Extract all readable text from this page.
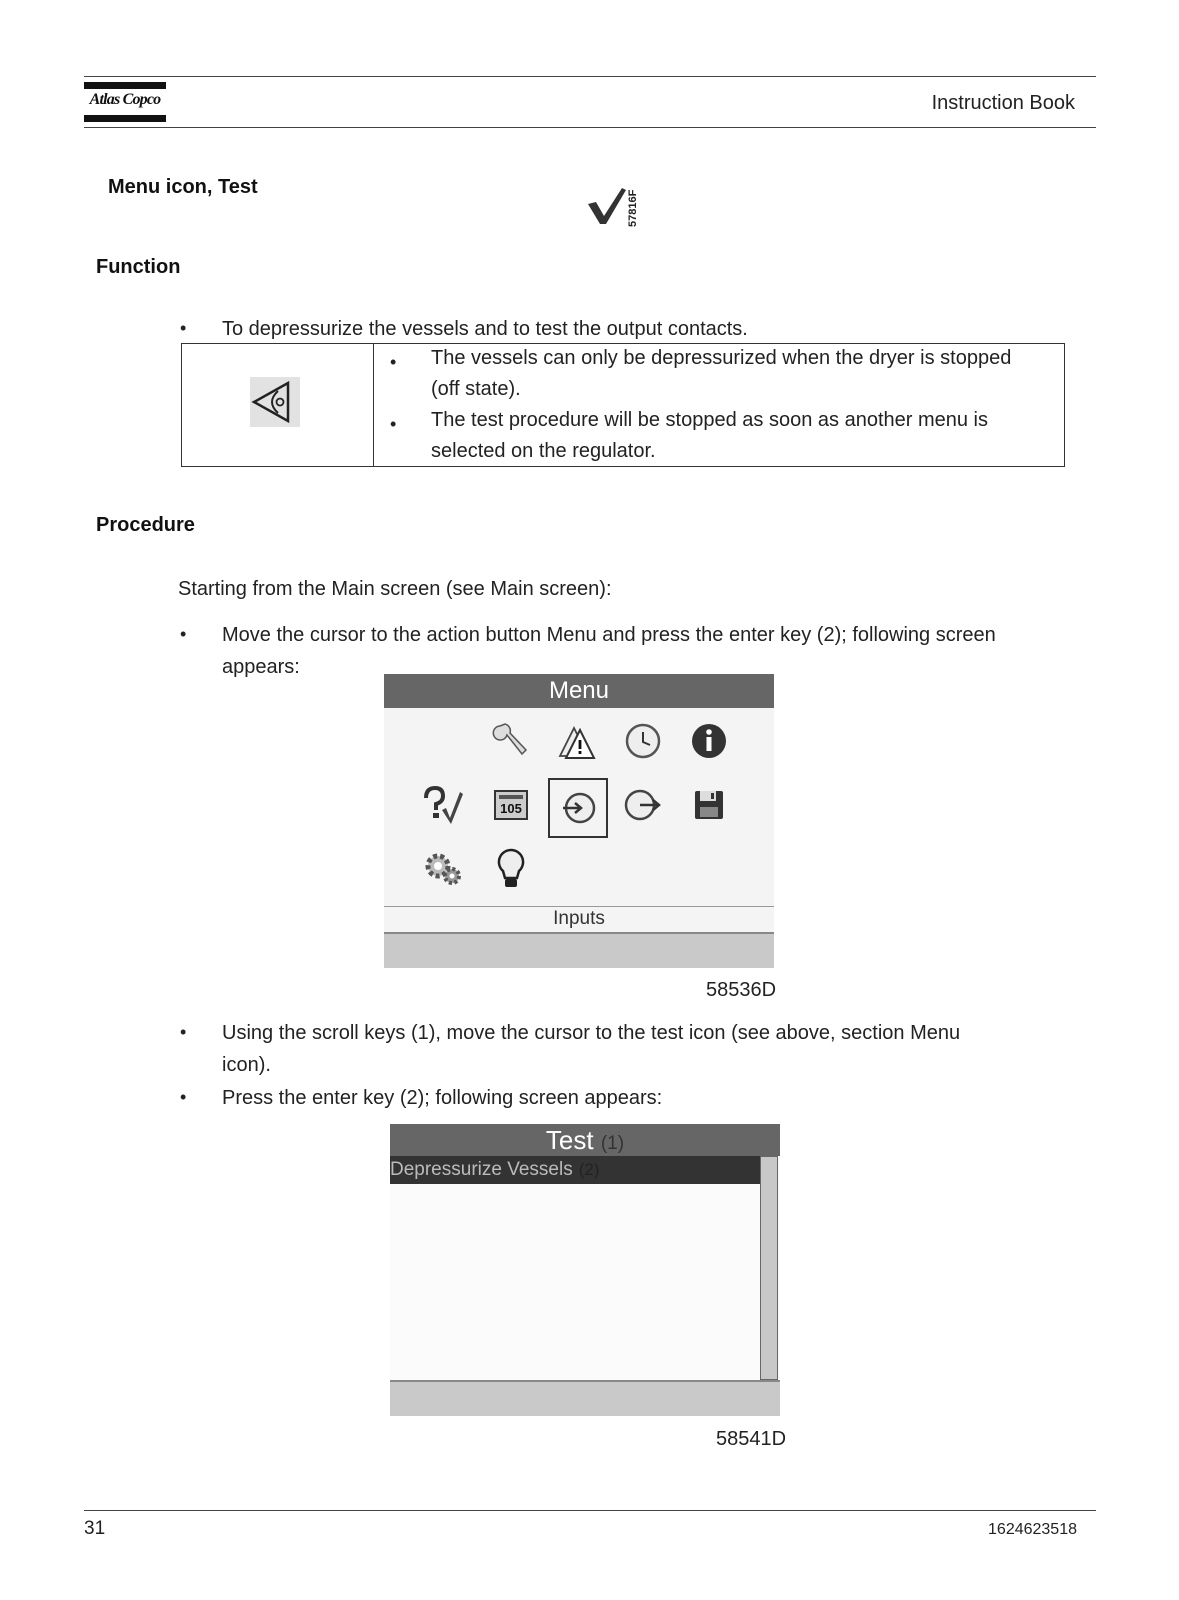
Atlas Copco	Instruction Book
Menu icon, Test
57816F
Function
• To depressurize the vessels and to test the output contacts.
• The vessels can only be depressurized when the dryer is stopped
(off state).
• The test procedure will be stopped as soon as another menu is
selected on the regulator.
Procedure
Starting from the Main screen (see Main screen):
• Move the cursor to the action button Menu and press the enter key (2); following screen
appears:
Menu
105
Inputs
58536D
• Using the scroll keys (1), move the cursor to the test icon (see above, section Menu
icon).
• Press the enter key (2); following screen appears:
Test (1)
Depressurize Vessels (2)
58541D
31	1624623518
